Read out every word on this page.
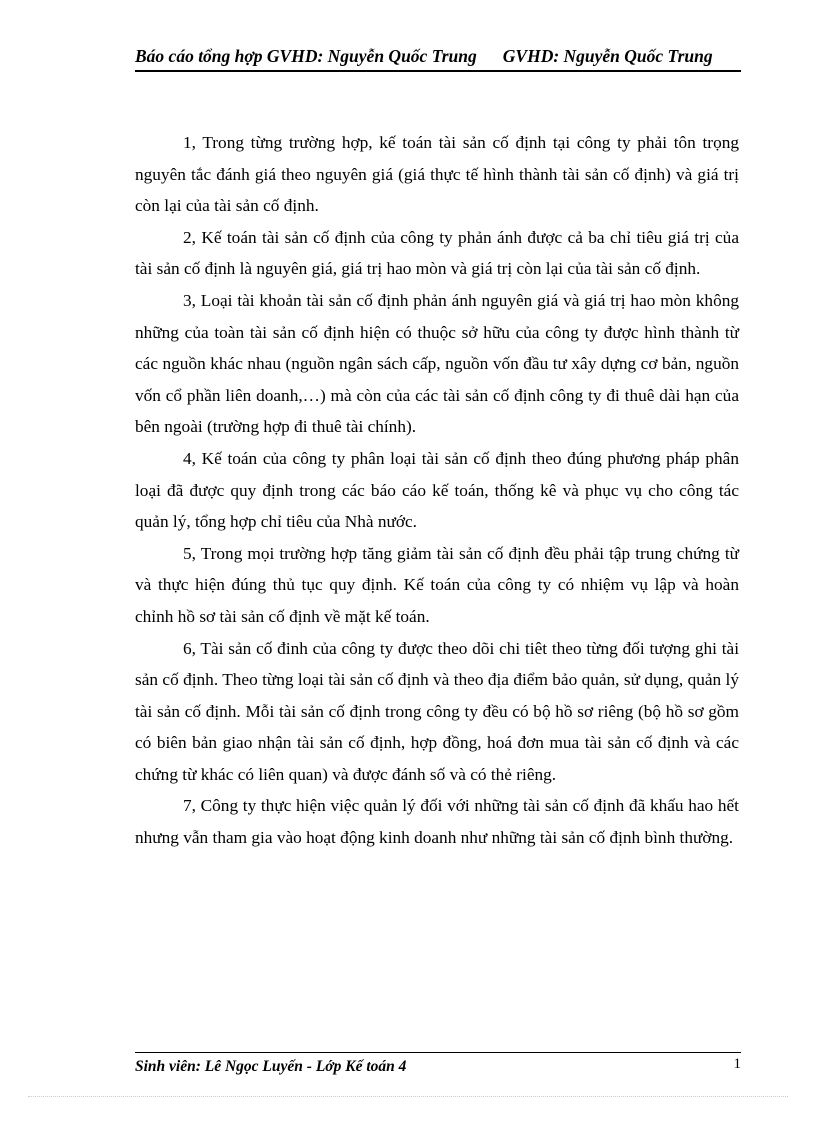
Báo cáo tổng hợp GVHD: Nguyễn Quốc Trung GVHD: Nguyễn Quốc Trung

1, Trong từng trường hợp, kế toán tài sản cố định tại công ty phải tôn trọng nguyên tắc đánh giá theo nguyên giá (giá thực tế hình thành tài sản cố định) và giá trị còn lại của tài sản cố định.

2, Kế toán tài sản cố định của công ty phản ánh được cả ba chỉ tiêu giá trị của tài sản cố định là nguyên giá, giá trị hao mòn và giá trị còn lại của tài sản cố định.

3, Loại tài khoản tài sản cố định phản ánh nguyên giá và giá trị hao mòn không những của toàn tài sản cố định hiện có thuộc sở hữu của công ty được hình thành từ các nguồn khác nhau (nguồn ngân sách cấp, nguồn vốn đầu tư xây dựng cơ bản, nguồn vốn cổ phần liên doanh,…) mà còn của các tài sản cố định công ty đi thuê dài hạn của bên ngoài (trường hợp đi thuê tài chính).

4, Kế toán của công ty phân loại tài sản cố định theo đúng phương pháp phân loại đã được quy định trong các báo cáo kế toán, thống kê và phục vụ cho công tác quản lý, tổng hợp chỉ tiêu của Nhà nước.

5, Trong mọi trường hợp tăng giảm tài sản cố định đều phải tập trung chứng từ và thực hiện đúng thủ tục quy định. Kế toán của công ty có nhiệm vụ lập và hoàn chỉnh hồ sơ tài sản cố định về mặt kế toán.

6, Tài sản cố đinh của công ty được theo dõi chi tiêt theo từng đối tượng ghi tài sản cố định. Theo từng loại tài sản cố định và theo địa điểm bảo quản, sử dụng, quản lý tài sản cố định. Mỗi tài sản cố định trong công ty đều có bộ hồ sơ riêng (bộ hồ sơ gồm có biên bản giao nhận tài sản cố định, hợp đồng, hoá đơn mua tài sản cố định và các chứng từ khác có liên quan) và được đánh số và có thẻ riêng.

7, Công ty thực hiện việc quản lý đối với những tài sản cố định đã khấu hao hết nhưng vẫn tham gia vào hoạt động kinh doanh như những tài sản cố định bình thường.

Sinh viên: Lê Ngọc Luyến - Lớp Kế toán 4	1
